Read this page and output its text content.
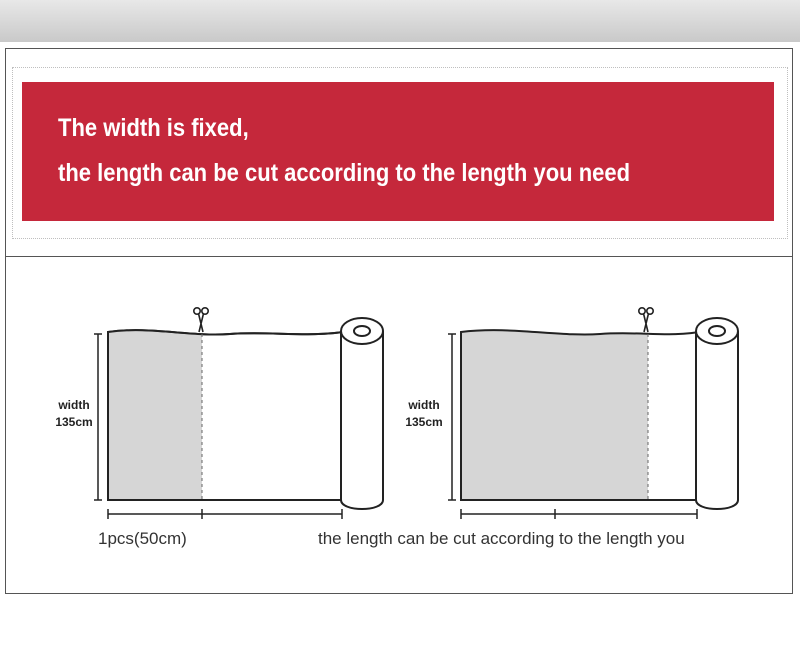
The width is fixed,
the length can be cut according to the length you need
width
135cm
width
135cm
1pcs(50cm)	the length can be cut according to the length you
